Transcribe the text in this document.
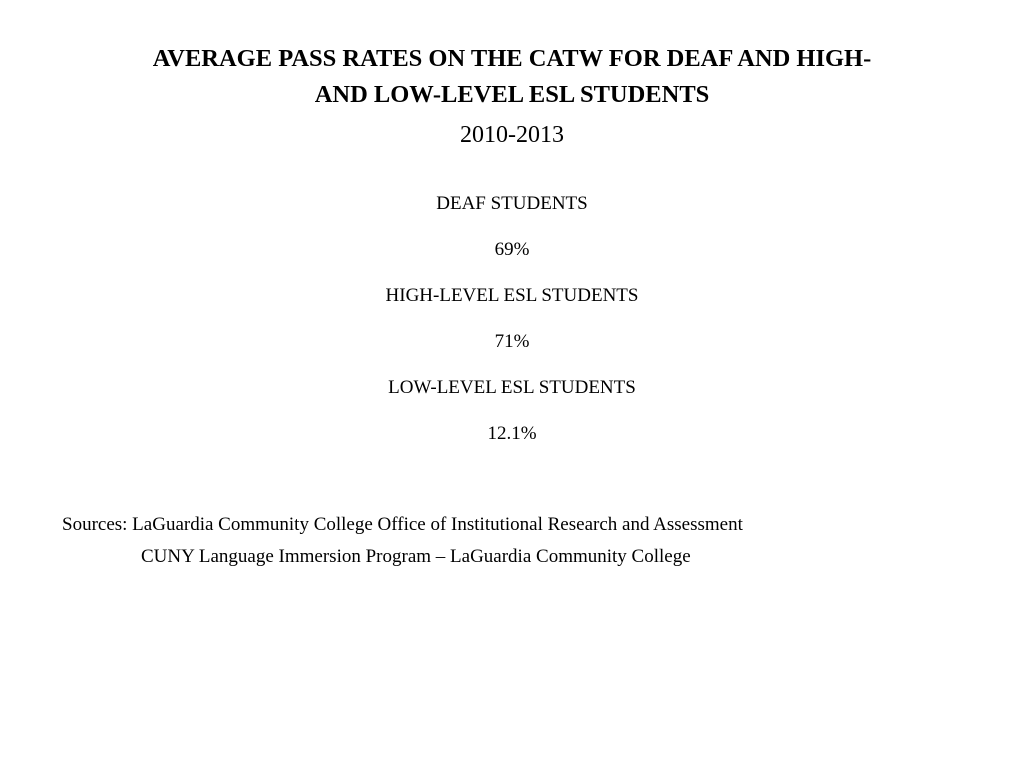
AVERAGE PASS RATES ON THE CATW FOR DEAF AND HIGH-
AND LOW-LEVEL ESL STUDENTS
2010-2013
DEAF STUDENTS
69%
HIGH-LEVEL ESL STUDENTS
71%
LOW-LEVEL ESL STUDENTS
12.1%
Sources: LaGuardia Community College Office of Institutional Research and Assessment
CUNY Language Immersion Program – LaGuardia Community College
